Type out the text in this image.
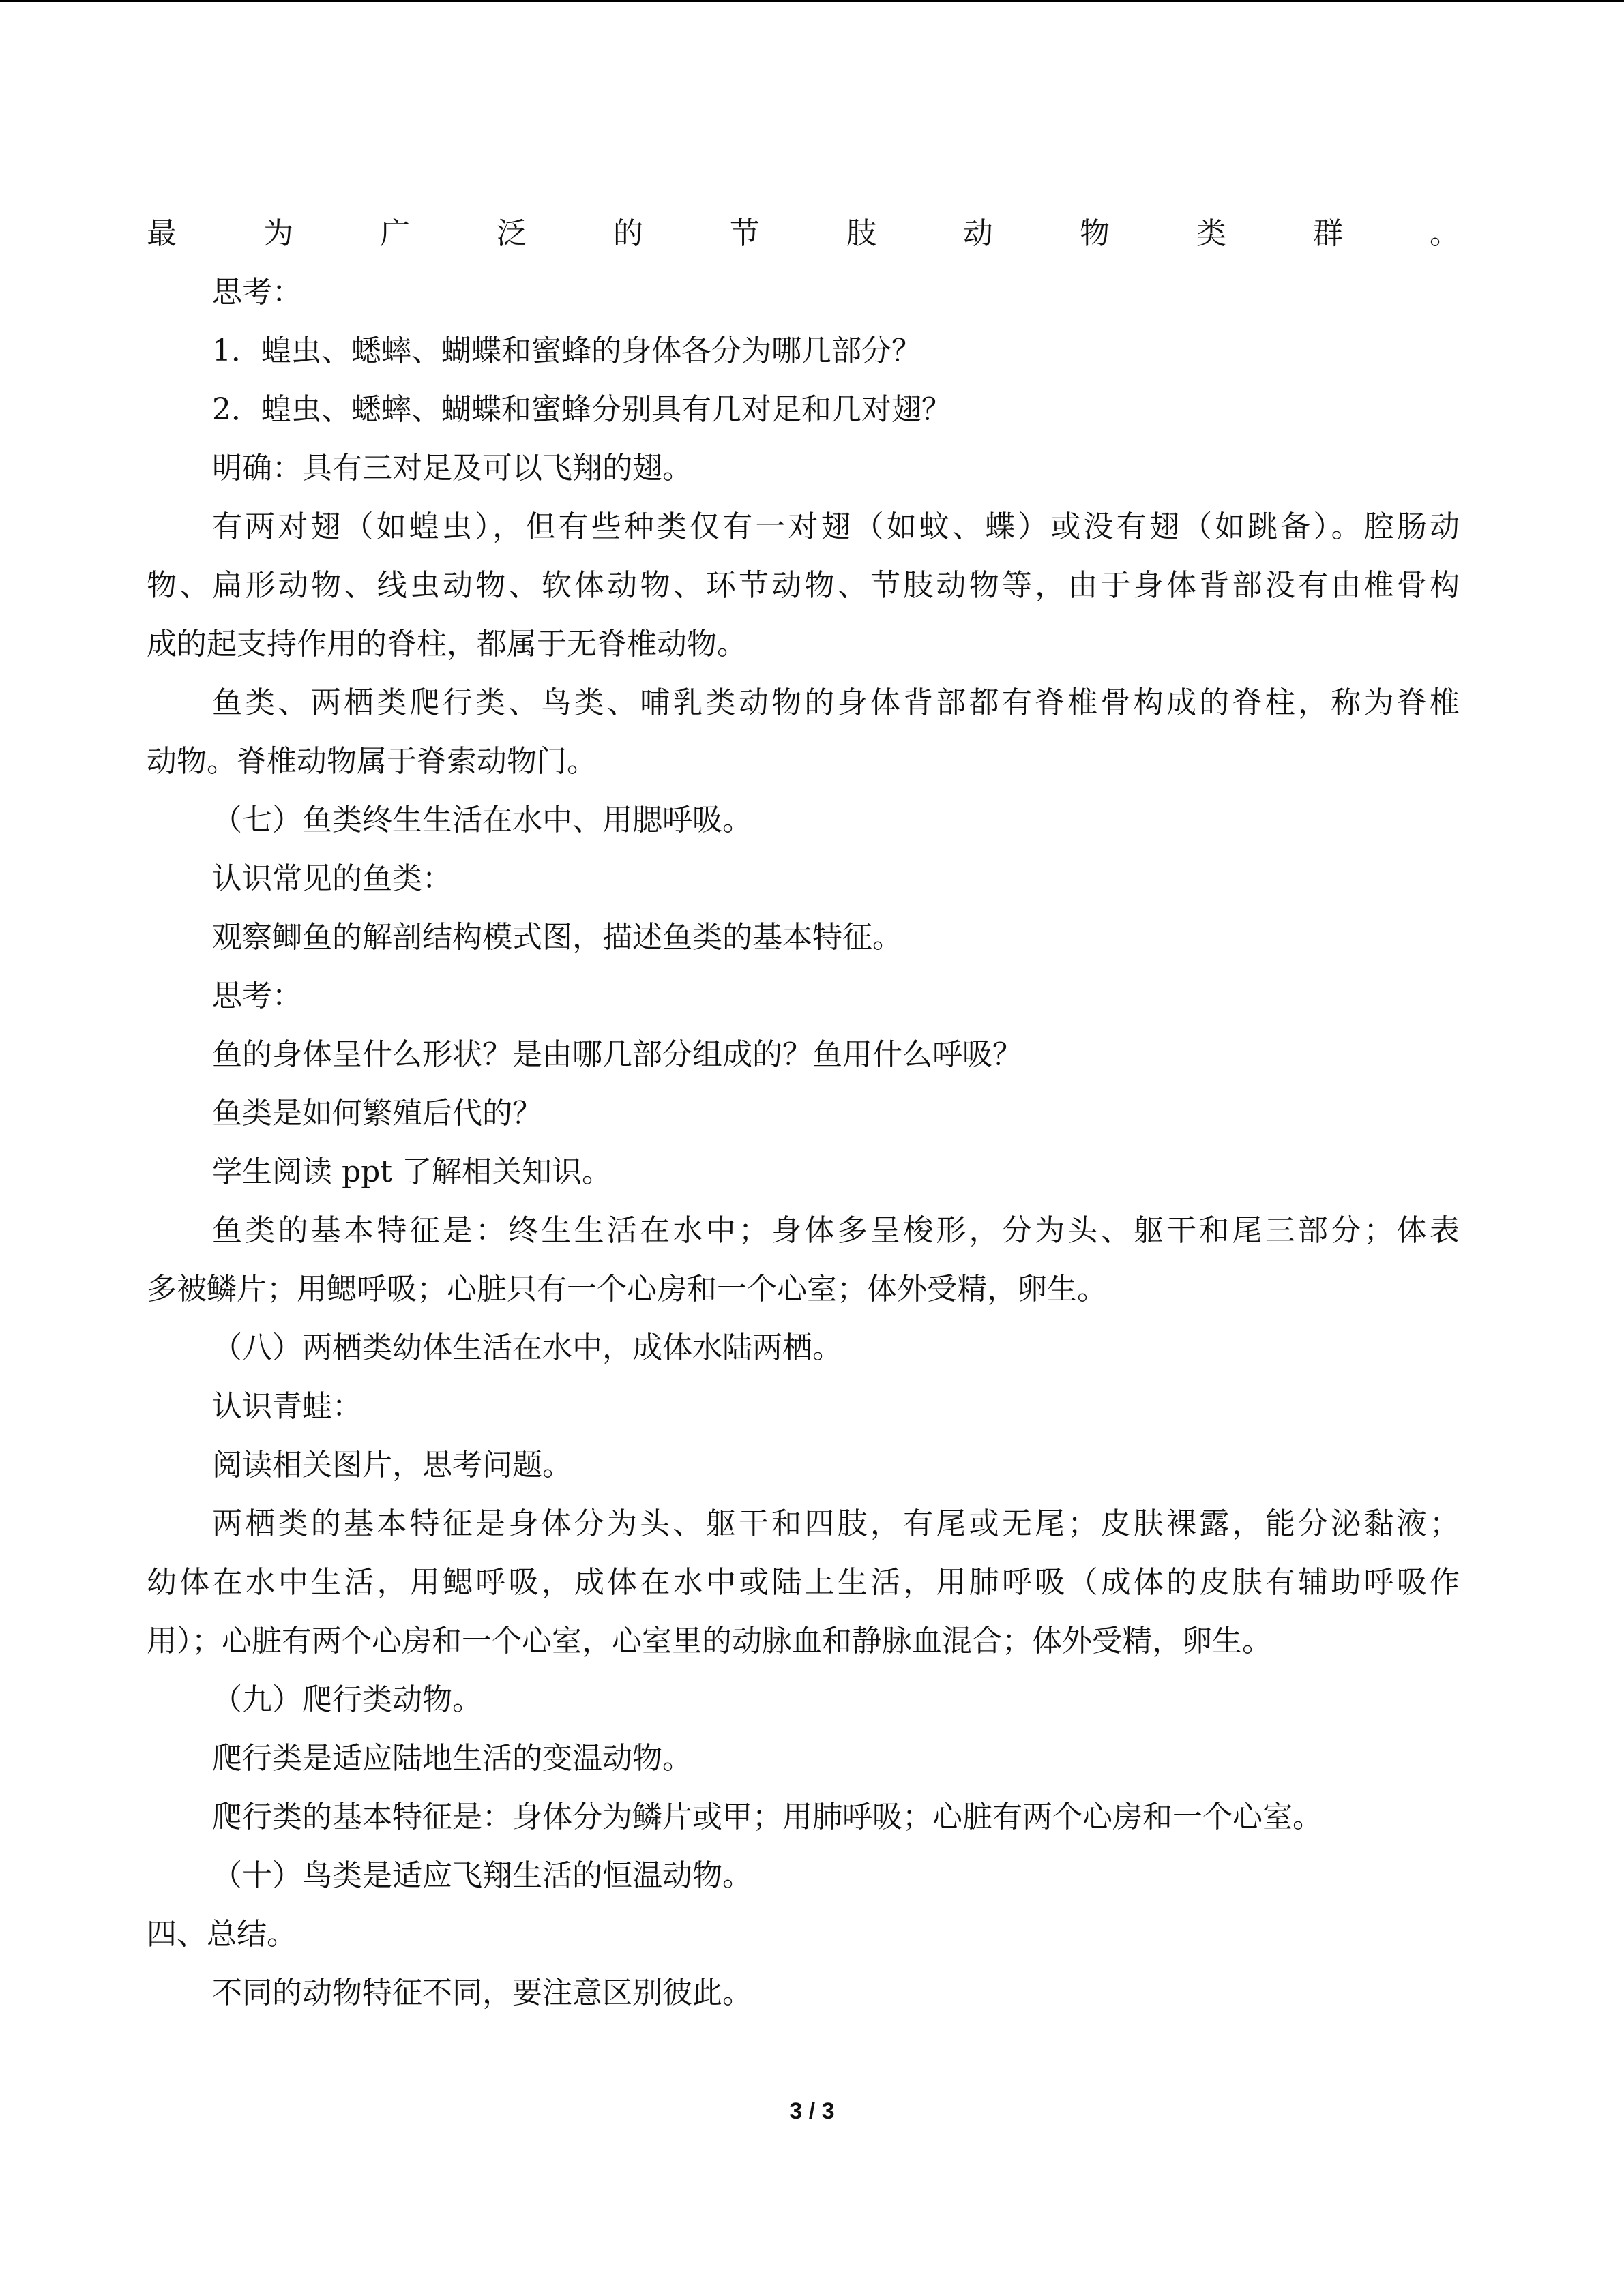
最为广泛的节肢动物类群。

思考：

1．蝗虫、蟋蟀、蝴蝶和蜜蜂的身体各分为哪几部分？

2．蝗虫、蟋蟀、蝴蝶和蜜蜂分别具有几对足和几对翅？

明确：具有三对足及可以飞翔的翅。

有两对翅（如蝗虫），但有些种类仅有一对翅（如蚊、蝶）或没有翅（如跳备）。腔肠动

物、扁形动物、线虫动物、软体动物、环节动物、节肢动物等，由于身体背部没有由椎骨构

成的起支持作用的脊柱，都属于无脊椎动物。

鱼类、两栖类爬行类、鸟类、哺乳类动物的身体背部都有脊椎骨构成的脊柱，称为脊椎

动物。脊椎动物属于脊索动物门。

（七）鱼类终生生活在水中、用腮呼吸。

认识常见的鱼类：

观察鲫鱼的解剖结构模式图，描述鱼类的基本特征。

思考：

鱼的身体呈什么形状？是由哪几部分组成的？鱼用什么呼吸？

鱼类是如何繁殖后代的？

学生阅读 ppt 了解相关知识。

鱼类的基本特征是：终生生活在水中；身体多呈梭形，分为头、躯干和尾三部分；体表

多被鳞片；用鳃呼吸；心脏只有一个心房和一个心室；体外受精，卵生。

（八）两栖类幼体生活在水中，成体水陆两栖。

认识青蛙：

阅读相关图片，思考问题。

两栖类的基本特征是身体分为头、躯干和四肢，有尾或无尾；皮肤裸露，能分泌黏液；

幼体在水中生活，用鳃呼吸，成体在水中或陆上生活，用肺呼吸（成体的皮肤有辅助呼吸作

用）；心脏有两个心房和一个心室，心室里的动脉血和静脉血混合；体外受精，卵生。

（九）爬行类动物。

爬行类是适应陆地生活的变温动物。

爬行类的基本特征是：身体分为鳞片或甲；用肺呼吸；心脏有两个心房和一个心室。

（十）鸟类是适应飞翔生活的恒温动物。

四、总结。

不同的动物特征不同，要注意区别彼此。

3 / 3
